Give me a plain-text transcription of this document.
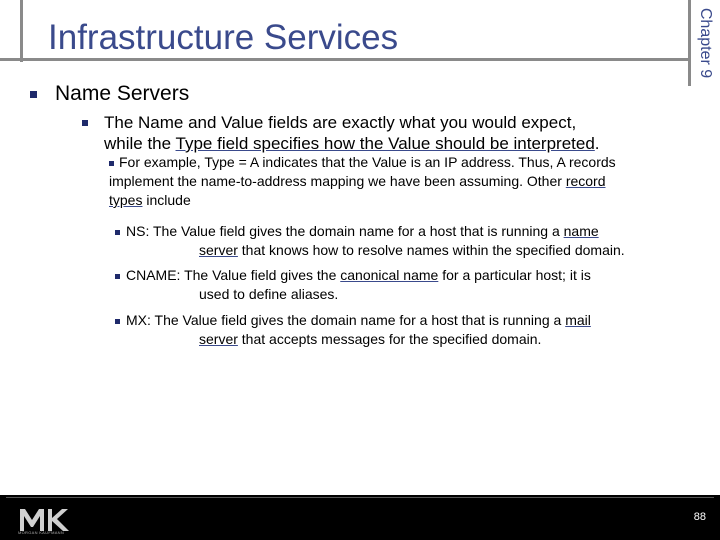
Chapter 9
Infrastructure Services
Name Servers
The Name and Value fields are exactly what you would expect,
while the Type field specifies how the Value should be interpreted.
For example, Type = A indicates that the Value is an IP address. Thus, A records
implement the name-to-address mapping we have been assuming. Other record
types include
NS: The Value field gives the domain name for a host that is running a name
server that knows how to resolve names within the specified domain.
CNAME: The Value field gives the canonical name for a particular host; it is
used to define aliases.
MX: The Value field gives the domain name for a host that is running a mail
server that accepts messages for the specified domain.
MORGAN KAUFMANN
88
